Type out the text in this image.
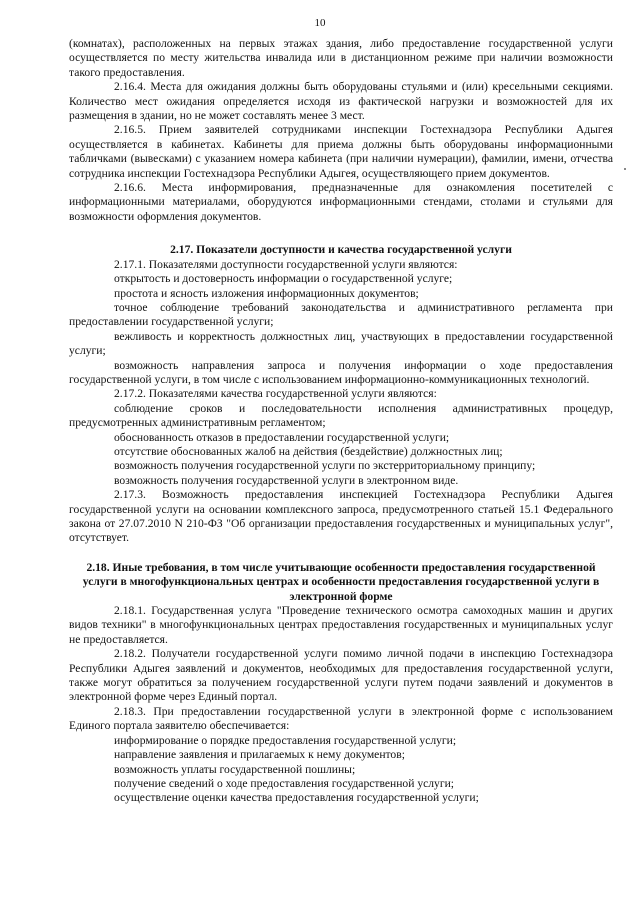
10

(комнатах), расположенных на первых этажах здания, либо предоставление государственной услуги осуществляется по месту жительства инвалида или в дистанционном режиме при наличии возможности такого предоставления.

2.16.4. Места для ожидания должны быть оборудованы стульями и (или) кресельными секциями. Количество мест ожидания определяется исходя из фактической нагрузки и возможностей для их размещения в здании, но не может составлять менее 3 мест.

2.16.5. Прием заявителей сотрудниками инспекции Гостехнадзора Республики Адыгея осуществляется в кабинетах. Кабинеты для приема должны быть оборудованы информационными табличками (вывесками) с указанием номера кабинета (при наличии нумерации), фамилии, имени, отчества сотрудника инспекции Гостехнадзора Республики Адыгея, осуществляющего прием документов.

2.16.6. Места информирования, предназначенные для ознакомления посетителей с информационными материалами, оборудуются информационными стендами, столами и стульями для возможности оформления документов.

2.17. Показатели доступности и качества государственной услуги

2.17.1. Показателями доступности государственной услуги являются:

открытость и достоверность информации о государственной услуге;

простота и ясность изложения информационных документов;

точное соблюдение требований законодательства и административного регламента при предоставлении государственной услуги;

вежливость и корректность должностных лиц, участвующих в предоставлении государственной услуги;

возможность направления запроса и получения информации о ходе предоставления государственной услуги, в том числе с использованием информационно-коммуникационных технологий.

2.17.2. Показателями качества государственной услуги являются:

соблюдение сроков и последовательности исполнения административных процедур, предусмотренных административным регламентом;

обоснованность отказов в предоставлении государственной услуги;

отсутствие обоснованных жалоб на действия (бездействие) должностных лиц;

возможность получения государственной услуги по экстерриториальному принципу;

возможность получения государственной услуги в электронном виде.

2.17.3. Возможность предоставления инспекцией Гостехнадзора Республики Адыгея государственной услуги на основании комплексного запроса, предусмотренного статьей 15.1 Федерального закона от 27.07.2010 N 210-ФЗ "Об организации предоставления государственных и муниципальных услуг", отсутствует.

2.18. Иные требования, в том числе учитывающие особенности предоставления государственной услуги в многофункциональных центрах и особенности предоставления государственной услуги в электронной форме

2.18.1. Государственная услуга "Проведение технического осмотра самоходных машин и других видов техники" в многофункциональных центрах предоставления государственных и муниципальных услуг не предоставляется.

2.18.2. Получатели государственной услуги помимо личной подачи в инспекцию Гостехнадзора Республики Адыгея заявлений и документов, необходимых для предоставления государственной услуги, также могут обратиться за получением государственной услуги путем подачи заявлений и документов в электронной форме через Единый портал.

2.18.3. При предоставлении государственной услуги в электронной форме с использованием Единого портала заявителю обеспечивается:

информирование о порядке предоставления государственной услуги;

направление заявления и прилагаемых к нему документов;

возможность уплаты государственной пошлины;

получение сведений о ходе предоставления государственной услуги;

осуществление оценки качества предоставления государственной услуги;
